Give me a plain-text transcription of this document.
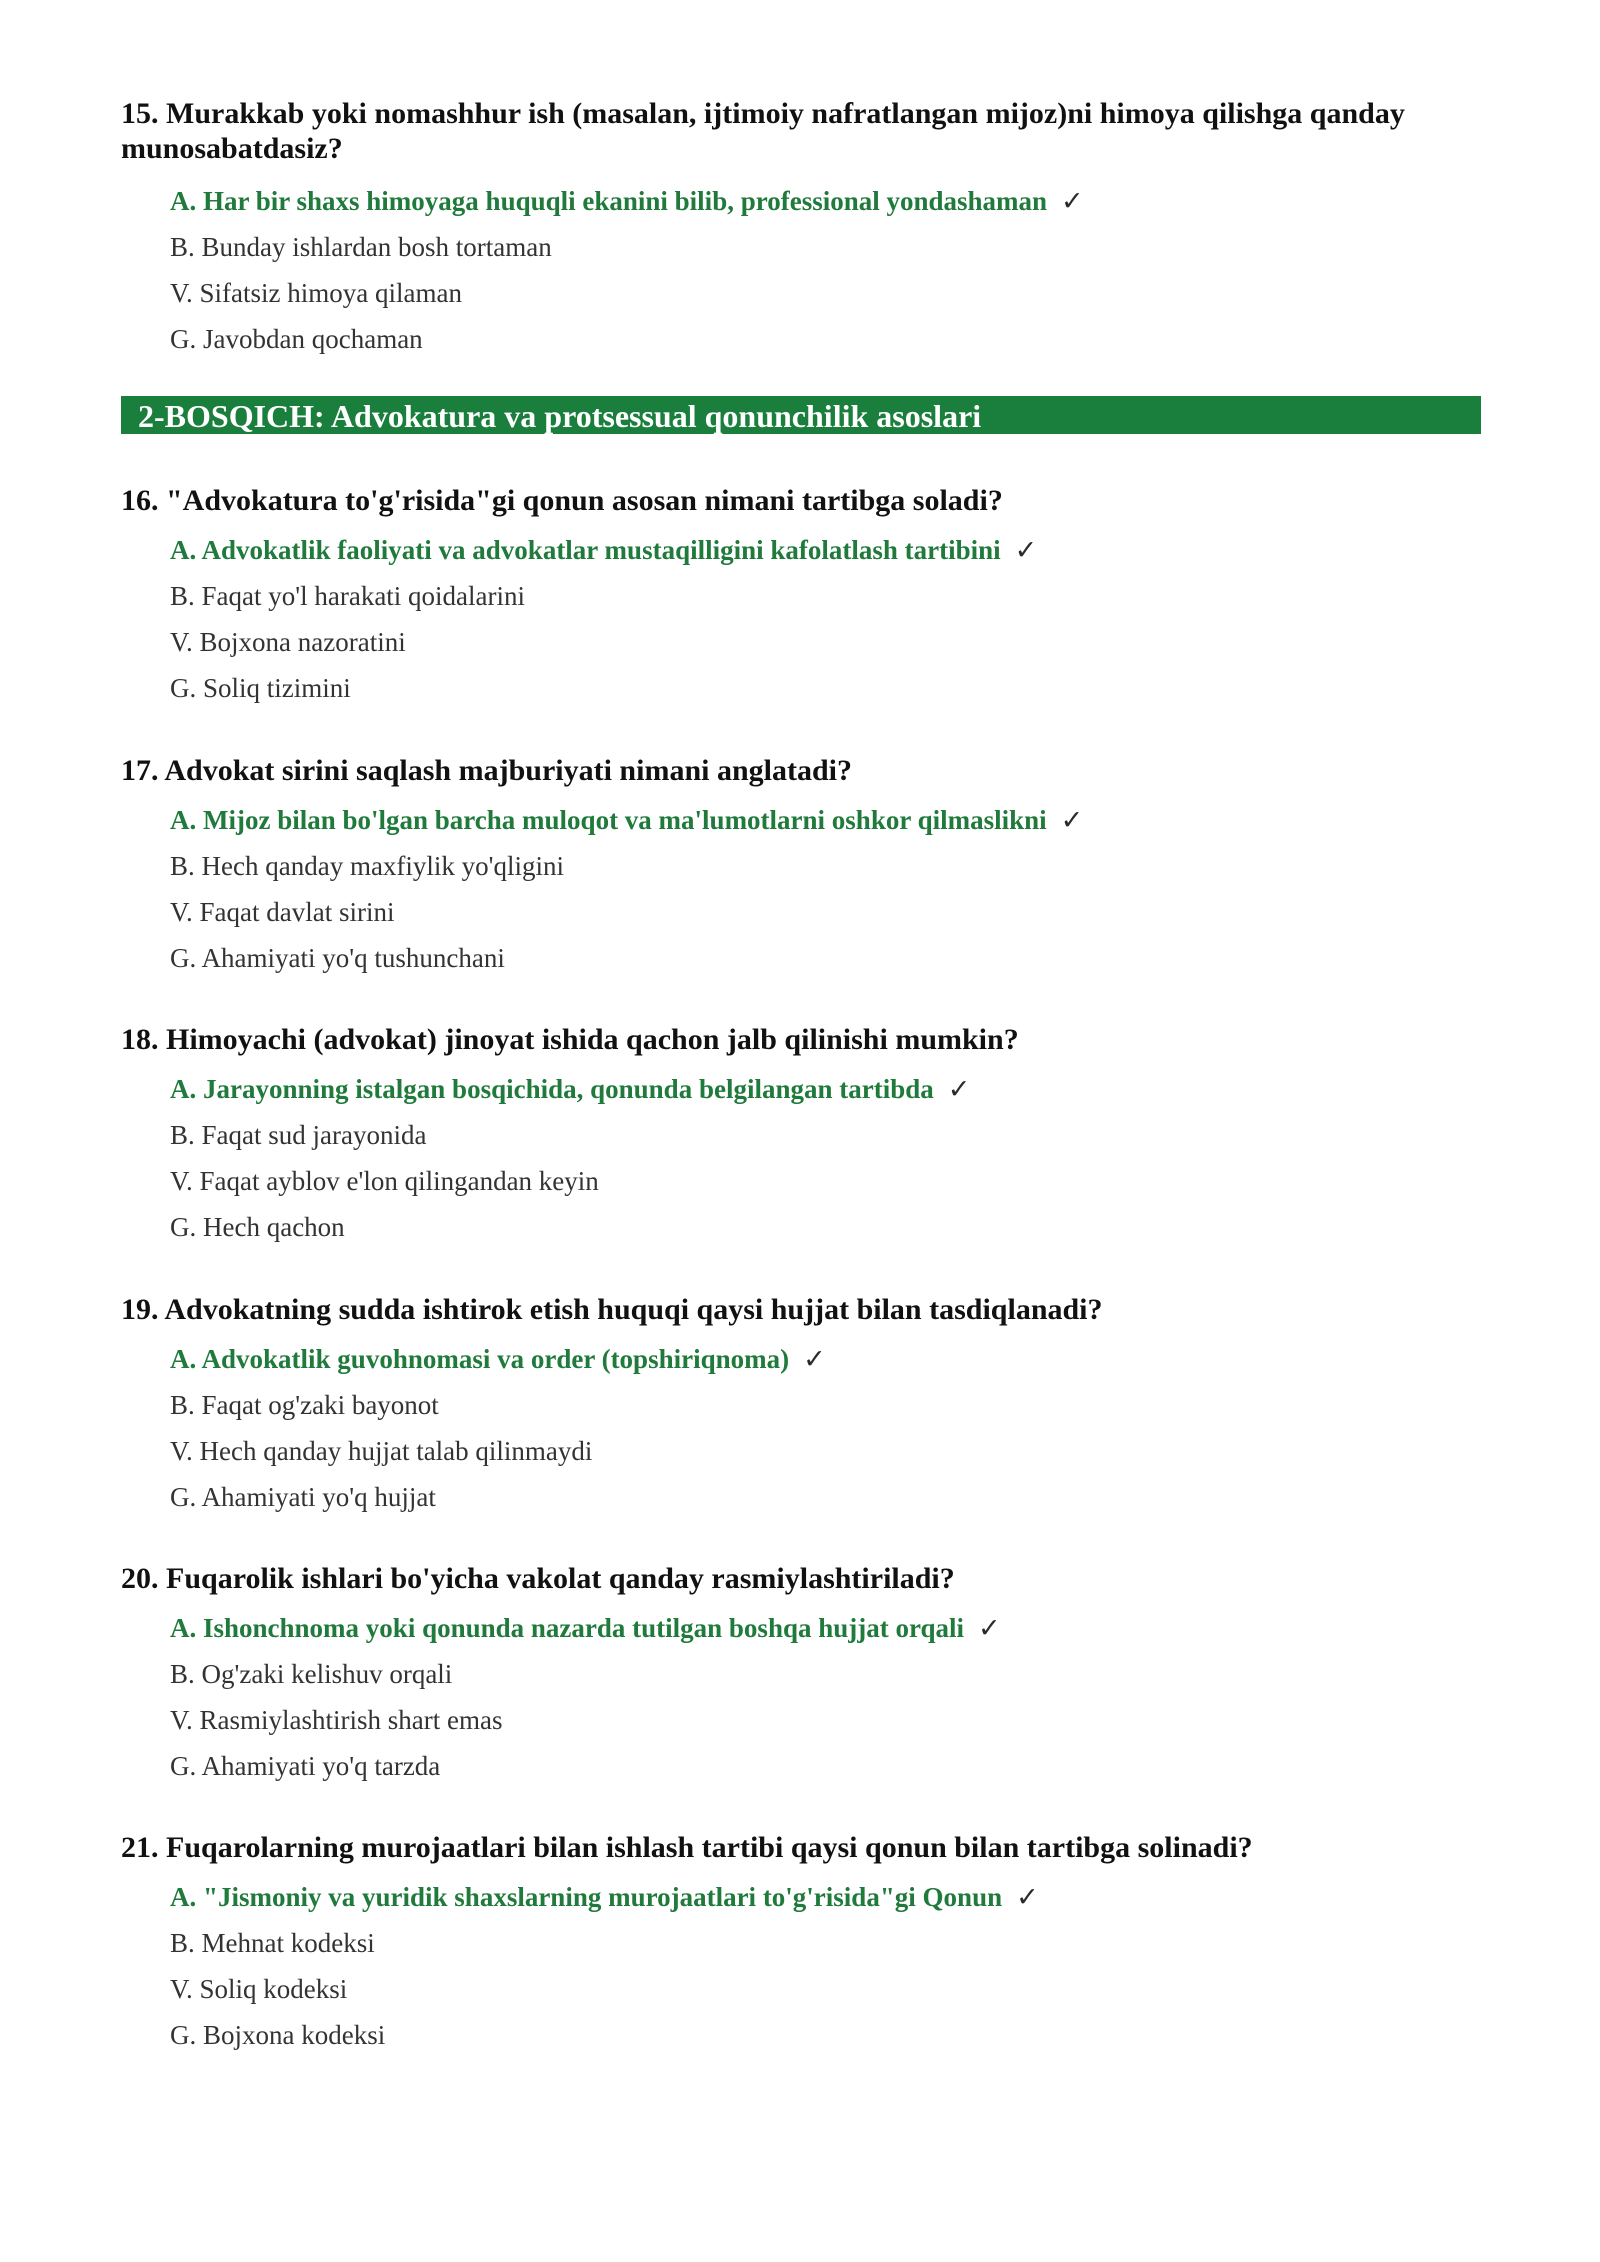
15. Murakkab yoki nomashhur ish (masalan, ijtimoiy nafratlangan mijoz)ni himoya qilishga qanday munosabatdasiz?

A. Har bir shaxs himoyaga huquqli ekanini bilib, professional yondashaman ✓
B. Bunday ishlardan bosh tortaman
V. Sifatsiz himoya qilaman
G. Javobdan qochaman
2-BOSQICH: Advokatura va protsessual qonunchilik asoslari

16. "Advokatura to'g'risida"gi qonun asosan nimani tartibga soladi?

A. Advokatlik faoliyati va advokatlar mustaqilligini kafolatlash tartibini ✓
B. Faqat yo'l harakati qoidalarini
V. Bojxona nazoratini
G. Soliq tizimini

17. Advokat sirini saqlash majburiyati nimani anglatadi?

A. Mijoz bilan bo'lgan barcha muloqot va ma'lumotlarni oshkor qilmaslikni ✓
B. Hech qanday maxfiylik yo'qligini
V. Faqat davlat sirini
G. Ahamiyati yo'q tushunchani

18. Himoyachi (advokat) jinoyat ishida qachon jalb qilinishi mumkin?

A. Jarayonning istalgan bosqichida, qonunda belgilangan tartibda ✓
B. Faqat sud jarayonida
V. Faqat ayblov e'lon qilingandan keyin
G. Hech qachon

19. Advokatning sudda ishtirok etish huquqi qaysi hujjat bilan tasdiqlanadi?

A. Advokatlik guvohnomasi va order (topshiriqnoma) ✓
B. Faqat og'zaki bayonot
V. Hech qanday hujjat talab qilinmaydi
G. Ahamiyati yo'q hujjat

20. Fuqarolik ishlari bo'yicha vakolat qanday rasmiylashtiriladi?

A. Ishonchnoma yoki qonunda nazarda tutilgan boshqa hujjat orqali ✓
B. Og'zaki kelishuv orqali
V. Rasmiylashtirish shart emas
G. Ahamiyati yo'q tarzda

21. Fuqarolarning murojaatlari bilan ishlash tartibi qaysi qonun bilan tartibga solinadi?

A. "Jismoniy va yuridik shaxslarning murojaatlari to'g'risida"gi Qonun ✓
B. Mehnat kodeksi
V. Soliq kodeksi
G. Bojxona kodeksi
